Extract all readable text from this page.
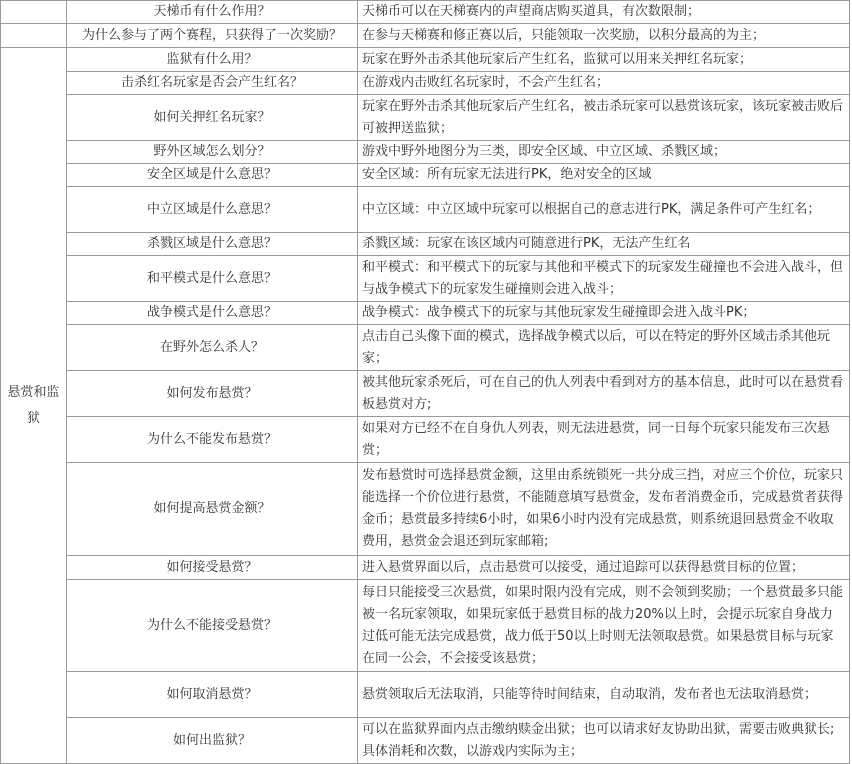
	天梯币有什么作用？	天梯币可以在天梯赛内的声望商店购买道具，有次数限制；
	为什么参与了两个赛程，只获得了一次奖励？	在参与天梯赛和修正赛以后，只能领取一次奖励，以积分最高的为主；
悬赏和监狱	监狱有什么用？	玩家在野外击杀其他玩家后产生红名，监狱可以用来关押红名玩家；
	击杀红名玩家是否会产生红名？	在游戏内击败红名玩家时，不会产生红名；
	如何关押红名玩家？	玩家在野外击杀其他玩家后产生红名，被击杀玩家可以悬赏该玩家，该玩家被击败后可被押送监狱；
	野外区域怎么划分？	游戏中野外地图分为三类，即安全区域、中立区域、杀戮区域；
	安全区域是什么意思？	安全区域：所有玩家无法进行PK，绝对安全的区域
	中立区域是什么意思？	中立区域：中立区域中玩家可以根据自己的意志进行PK，满足条件可产生红名；
	杀戮区域是什么意思？	杀戮区域：玩家在该区域内可随意进行PK，无法产生红名
	和平模式是什么意思？	和平模式：和平模式下的玩家与其他和平模式下的玩家发生碰撞也不会进入战斗，但与战争模式下的玩家发生碰撞则会进入战斗；
	战争模式是什么意思？	战争模式：战争模式下的玩家与其他玩家发生碰撞即会进入战斗PK；
	在野外怎么杀人？	点击自己头像下面的模式，选择战争模式以后，可以在特定的野外区域击杀其他玩家；
	如何发布悬赏？	被其他玩家杀死后，可在自己的仇人列表中看到对方的基本信息，此时可以在悬赏看板悬赏对方;
	为什么不能发布悬赏？	如果对方已经不在自身仇人列表，则无法进悬赏，同一日每个玩家只能发布三次悬赏；
	如何提高悬赏金额？	发布悬赏时可选择悬赏金额，这里由系统锁死一共分成三挡，对应三个价位，玩家只能选择一个价位进行悬赏，不能随意填写悬赏金，发布者消费金币，完成悬赏者获得金币；悬赏最多持续6小时，如果6小时内没有完成悬赏，则系统退回悬赏金不收取费用，悬赏金会退还到玩家邮箱;
	如何接受悬赏？	进入悬赏界面以后，点击悬赏可以接受，通过追踪可以获得悬赏目标的位置；
	为什么不能接受悬赏？	每日只能接受三次悬赏，如果时限内没有完成，则不会领到奖励；一个悬赏最多只能被一名玩家领取，如果玩家低于悬赏目标的战力20%以上时，会提示玩家自身战力过低可能无法完成悬赏，战力低于50以上时则无法领取悬赏。如果悬赏目标与玩家在同一公会，不会接受该悬赏；
	如何取消悬赏？	悬赏领取后无法取消，只能等待时间结束，自动取消，发布者也无法取消悬赏；
	如何出监狱？	可以在监狱界面内点击缴纳赎金出狱；也可以请求好友协助出狱，需要击败典狱长;具体消耗和次数，以游戏内实际为主；
